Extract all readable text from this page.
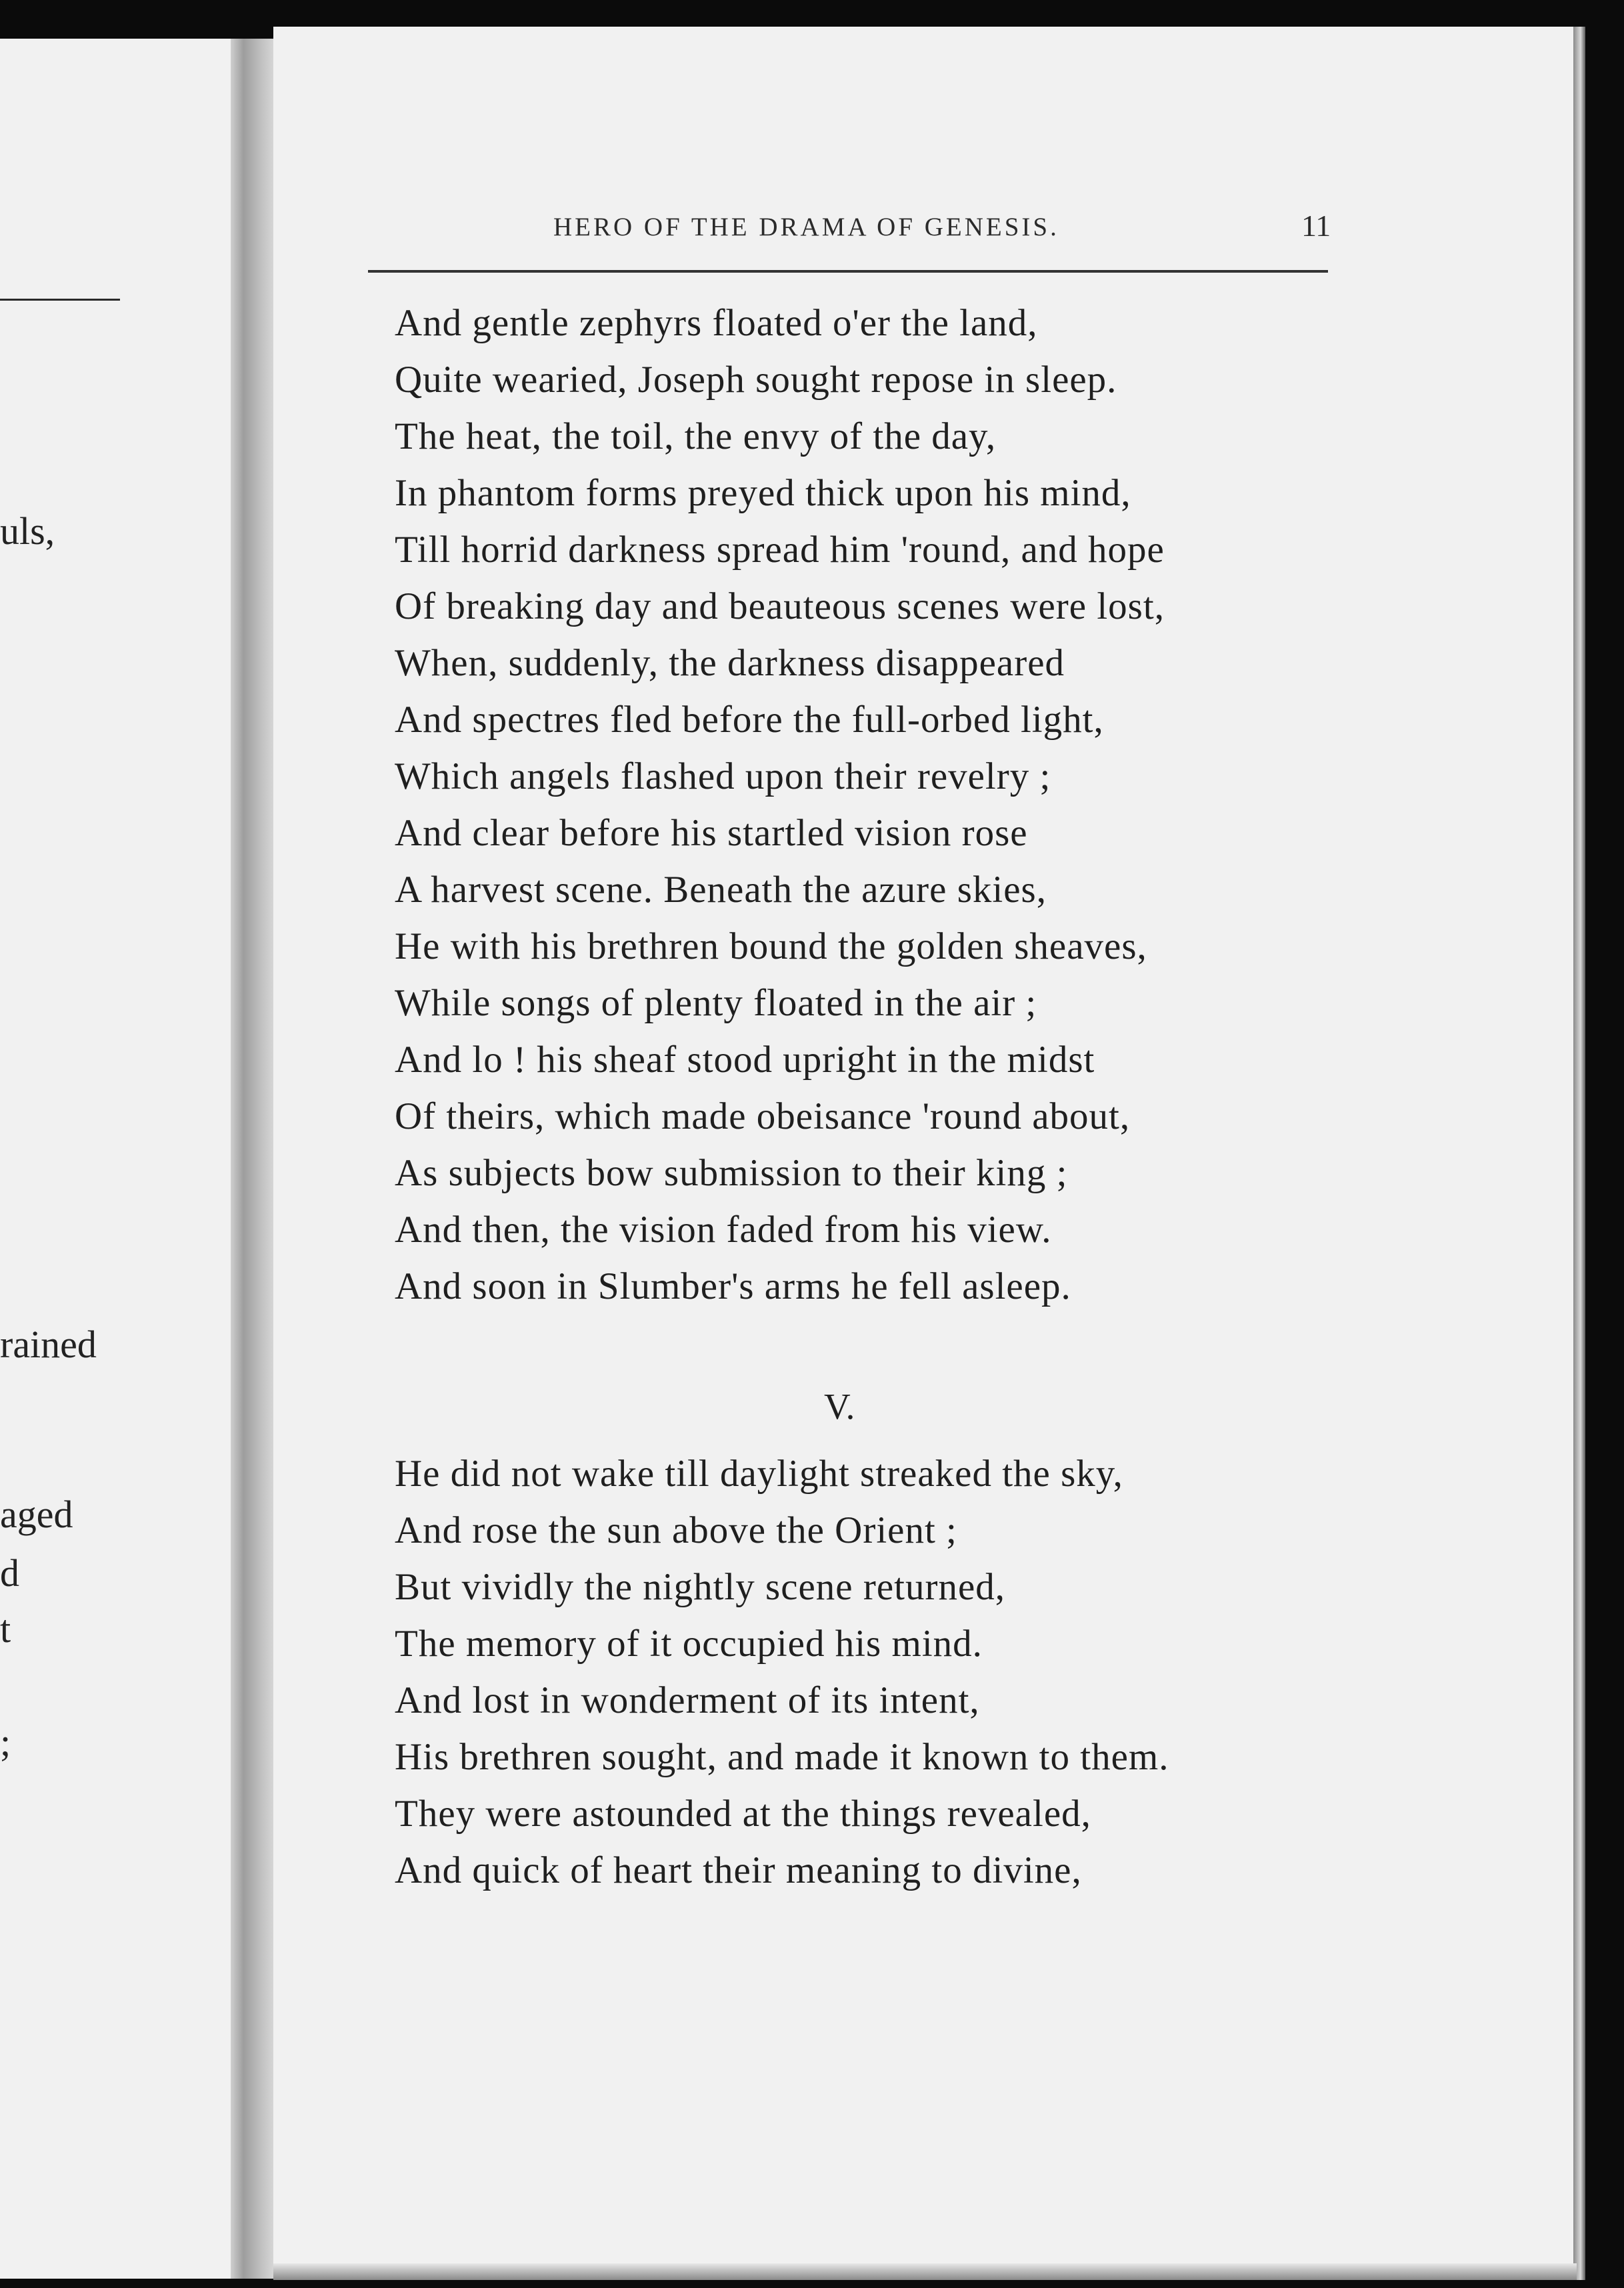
uls,
rained
aged
d
t
;
HERO OF THE DRAMA OF GENESIS.	11
And gentle zephyrs floated o'er the land,
Quite wearied, Joseph sought repose in sleep.
The heat, the toil, the envy of the day,
In phantom forms preyed thick upon his mind,
Till horrid darkness spread him 'round, and hope
Of breaking day and beauteous scenes were lost,
When, suddenly, the darkness disappeared
And spectres fled before the full-orbed light,
Which angels flashed upon their revelry ;
And clear before his startled vision rose
A harvest scene. Beneath the azure skies,
He with his brethren bound the golden sheaves,
While songs of plenty floated in the air ;
And lo ! his sheaf stood upright in the midst
Of theirs, which made obeisance 'round about,
As subjects bow submission to their king ;
And then, the vision faded from his view.
And soon in Slumber's arms he fell asleep.
V.
He did not wake till daylight streaked the sky,
And rose the sun above the Orient ;
But vividly the nightly scene returned,
The memory of it occupied his mind.
And lost in wonderment of its intent,
His brethren sought, and made it known to them.
They were astounded at the things revealed,
And quick of heart their meaning to divine,
